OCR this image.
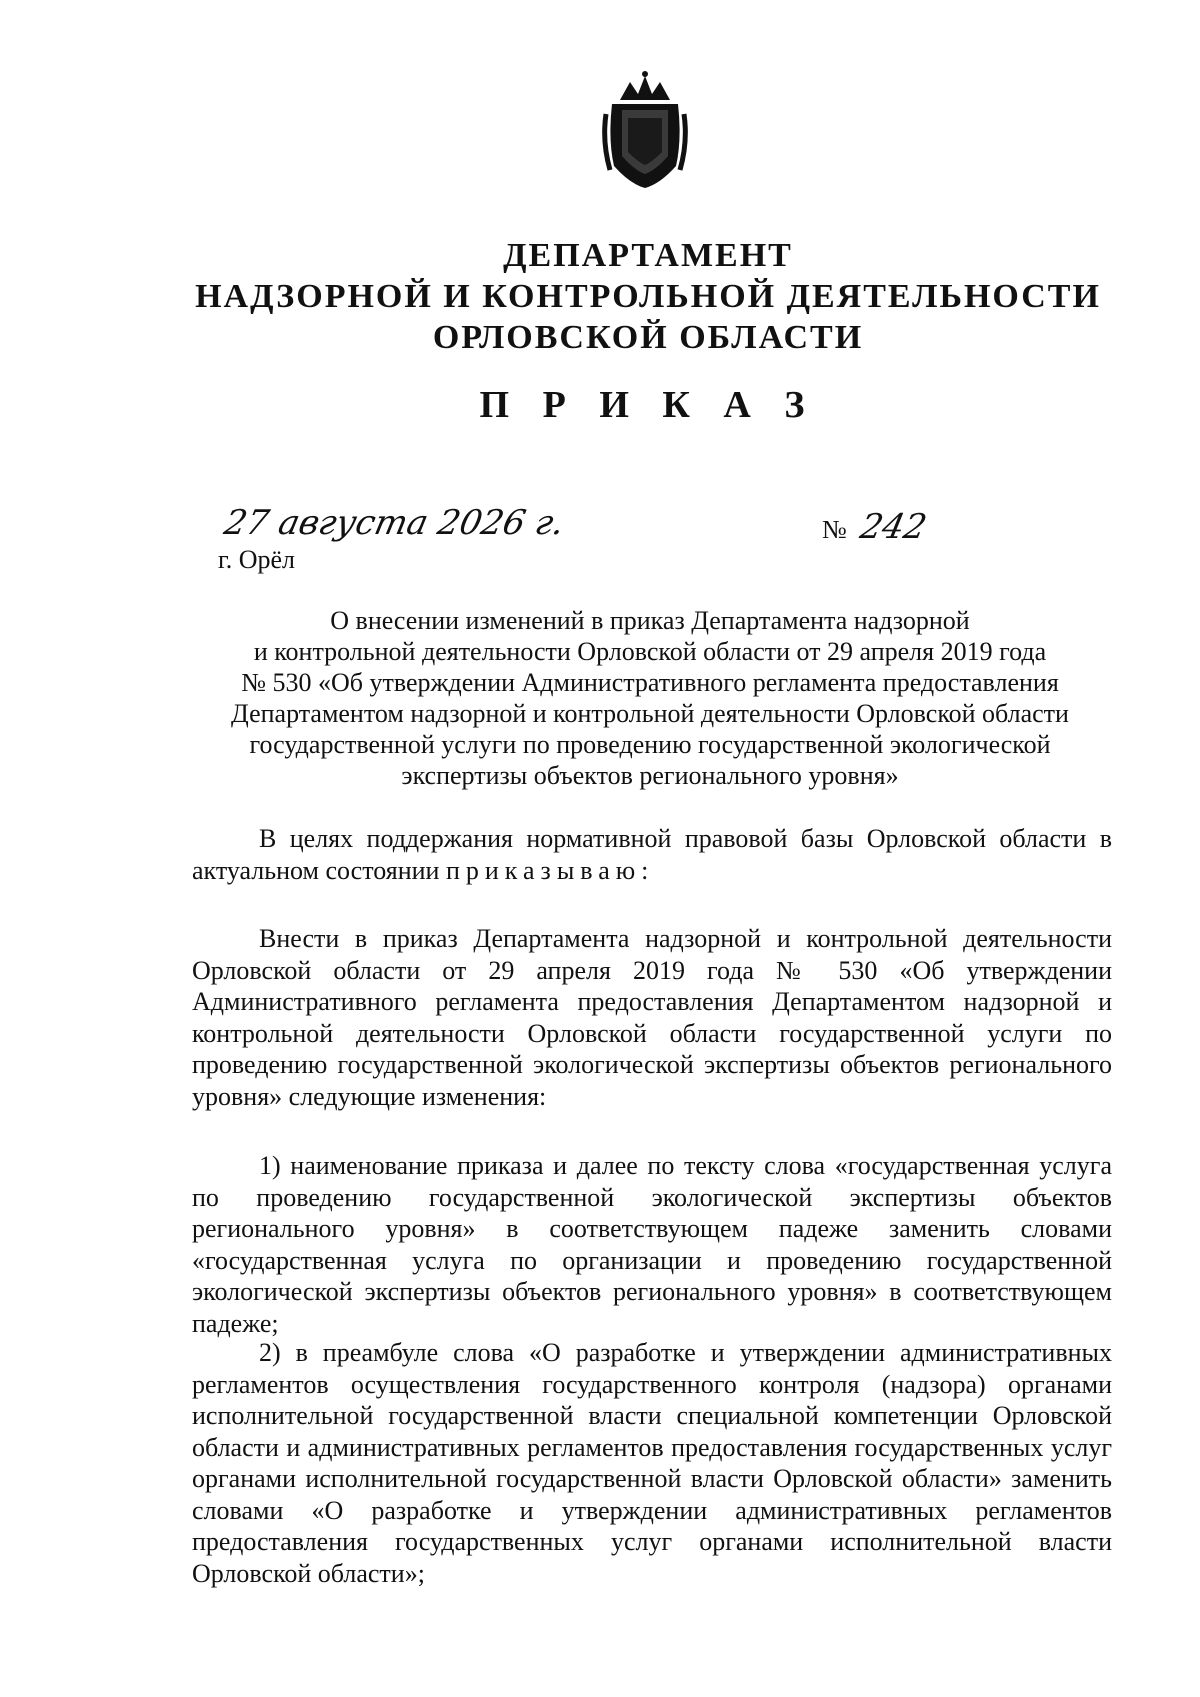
ДЕПАРТАМЕНТ
НАДЗОРНОЙ И КОНТРОЛЬНОЙ ДЕЯТЕЛЬНОСТИ
ОРЛОВСКОЙ ОБЛАСТИ
П Р И К А З
27 августа 2026 г.	№ 242
г. Орёл
О внесении изменений в приказ Департамента надзорной
и контрольной деятельности Орловской области от 29 апреля 2019 года
№ 530 «Об утверждении Административного регламента предоставления
Департаментом надзорной и контрольной деятельности Орловской области
государственной услуги по проведению государственной экологической
экспертизы объектов регионального уровня»
В целях поддержания нормативной правовой базы Орловской области в актуальном состоянии приказываю:
Внести в приказ Департамента надзорной и контрольной деятельности Орловской области от 29 апреля 2019 года № 530 «Об утверждении Административного регламента предоставления Департаментом надзорной и контрольной деятельности Орловской области государственной услуги по проведению государственной экологической экспертизы объектов регионального уровня» следующие изменения:
1) наименование приказа и далее по тексту слова «государственная услуга по проведению государственной экологической экспертизы объектов регионального уровня» в соответствующем падеже заменить словами «государственная услуга по организации и проведению государственной экологической экспертизы объектов регионального уровня» в соответствующем падеже;
2) в преамбуле слова «О разработке и утверждении административных регламентов осуществления государственного контроля (надзора) органами исполнительной государственной власти специальной компетенции Орловской области и административных регламентов предоставления государственных услуг органами исполнительной государственной власти Орловской области» заменить словами «О разработке и утверждении административных регламентов предоставления государственных услуг органами исполнительной власти Орловской области»;
